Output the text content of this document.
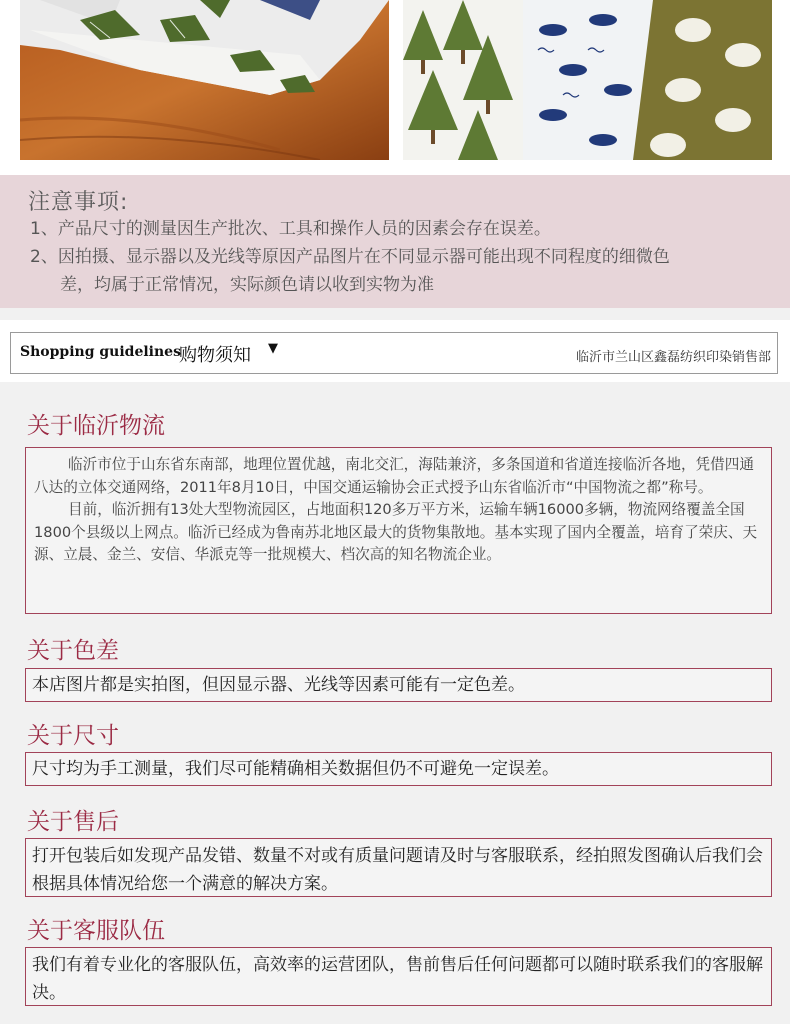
注意事项:
1、产品尺寸的测量因生产批次、工具和操作人员的因素会存在误差。
2、因拍摄、显示器以及光线等原因产品图片在不同显示器可能出现不同程度的细微色
差，均属于正常情况，实际颜色请以收到实物为准
Shopping guidelines
购物须知 ▼
临沂市兰山区鑫磊纺织印染销售部
关于临沂物流

临沂市位于山东省东南部，地理位置优越，南北交汇，海陆兼济，多条国道和省道连接临沂各地，凭借四通八达的立体交通网络，2011年8月10日，中国交通运输协会正式授予山东省临沂市“中国物流之都”称号。

目前，临沂拥有13处大型物流园区，占地面积120多万平方米，运输车辆16000多辆，物流网络覆盖全国1800个县级以上网点。临沂已经成为鲁南苏北地区最大的货物集散地。基本实现了国内全覆盖，培育了荣庆、天源、立晨、金兰、安信、华派克等一批规模大、档次高的知名物流企业。

关于色差
本店图片都是实拍图，但因显示器、光线等因素可能有一定色差。
关于尺寸
尺寸均为手工测量，我们尽可能精确相关数据但仍不可避免一定误差。
关于售后
打开包装后如发现产品发错、数量不对或有质量问题请及时与客服联系，经拍照发图确认后我们会根据具体情况给您一个满意的解决方案。
关于客服队伍
我们有着专业化的客服队伍，高效率的运营团队，售前售后任何问题都可以随时联系我们的客服解决。
